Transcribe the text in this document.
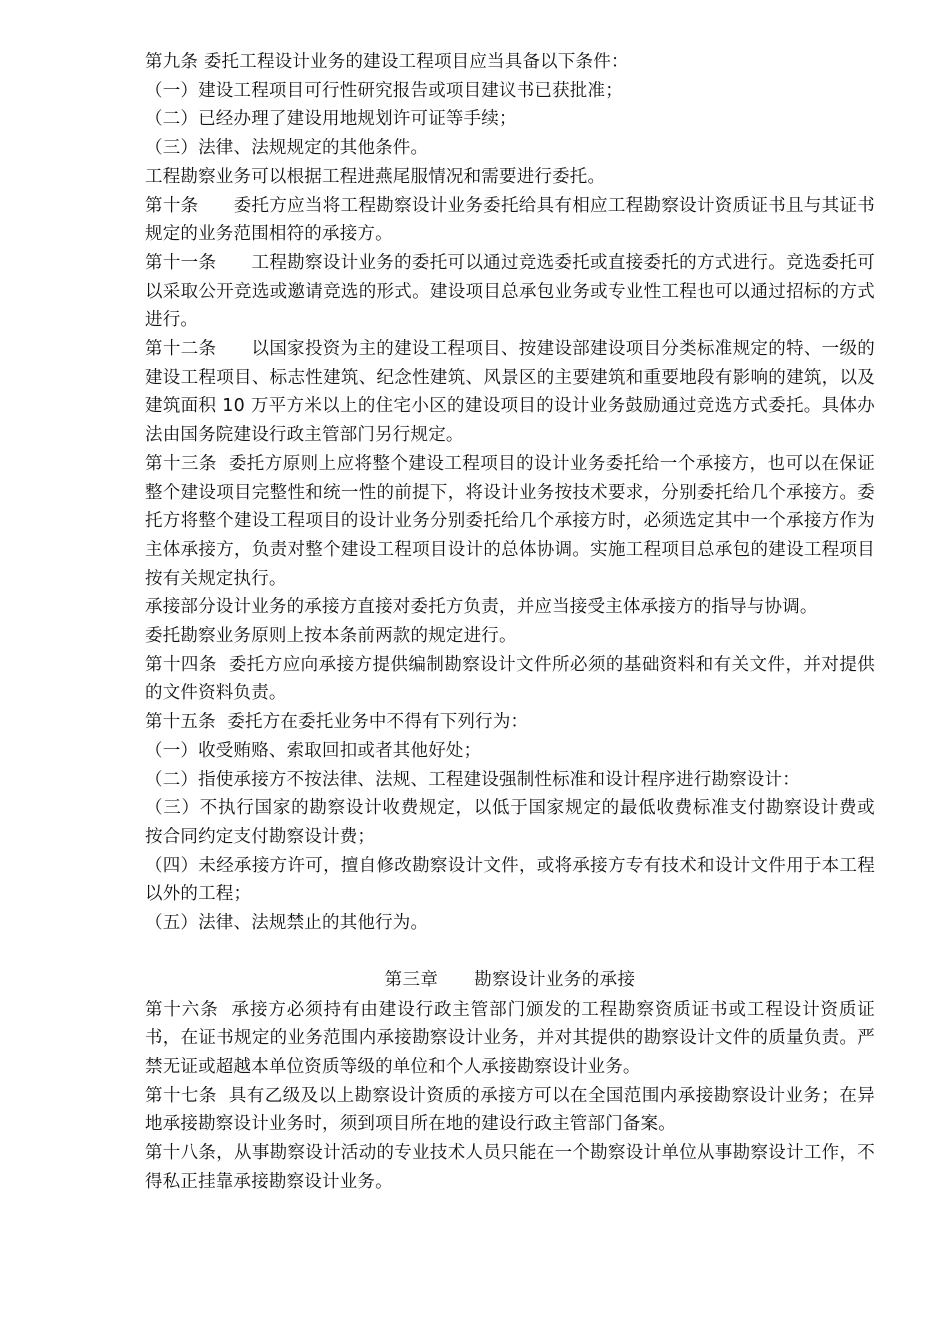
第九条 委托工程设计业务的建设工程项目应当具备以下条件：

（一）建设工程项目可行性研究报告或项目建议书已获批准；

（二）已经办理了建设用地规划许可证等手续；

（三）法律、法规规定的其他条件。

工程勘察业务可以根据工程进燕尾服情况和需要进行委托。

第十条      委托方应当将工程勘察设计业务委托给具有相应工程勘察设计资质证书且与其证书规定的业务范围相符的承接方。

第十一条      工程勘察设计业务的委托可以通过竞选委托或直接委托的方式进行。竞选委托可以采取公开竞选或邀请竞选的形式。建设项目总承包业务或专业性工程也可以通过招标的方式进行。

第十二条      以国家投资为主的建设工程项目、按建设部建设项目分类标准规定的特、一级的建设工程项目、标志性建筑、纪念性建筑、风景区的主要建筑和重要地段有影响的建筑，以及建筑面积 10 万平方米以上的住宅小区的建设项目的设计业务鼓励通过竞选方式委托。具体办法由国务院建设行政主管部门另行规定。

第十三条  委托方原则上应将整个建设工程项目的设计业务委托给一个承接方，也可以在保证整个建设项目完整性和统一性的前提下，将设计业务按技术要求，分别委托给几个承接方。委托方将整个建设工程项目的设计业务分别委托给几个承接方时，必须选定其中一个承接方作为主体承接方，负责对整个建设工程项目设计的总体协调。实施工程项目总承包的建设工程项目按有关规定执行。

承接部分设计业务的承接方直接对委托方负责，并应当接受主体承接方的指导与协调。

委托勘察业务原则上按本条前两款的规定进行。

第十四条  委托方应向承接方提供编制勘察设计文件所必须的基础资料和有关文件，并对提供的文件资料负责。

第十五条  委托方在委托业务中不得有下列行为：

（一）收受贿赂、索取回扣或者其他好处；

（二）指使承接方不按法律、法规、工程建设强制性标准和设计程序进行勘察设计：

（三）不执行国家的勘察设计收费规定，以低于国家规定的最低收费标准支付勘察设计费或 按合同约定支付勘察设计费；

（四）未经承接方许可，擅自修改勘察设计文件，或将承接方专有技术和设计文件用于本工程以外的工程；

（五）法律、法规禁止的其他行为。

第三章 勘察设计业务的承接

第十六条  承接方必须持有由建设行政主管部门颁发的工程勘察资质证书或工程设计资质证书，在证书规定的业务范围内承接勘察设计业务，并对其提供的勘察设计文件的质量负责。严禁无证或超越本单位资质等级的单位和个人承接勘察设计业务。

第十七条  具有乙级及以上勘察设计资质的承接方可以在全国范围内承接勘察设计业务；在异地承接勘察设计业务时，须到项目所在地的建设行政主管部门备案。

第十八条，从事勘察设计活动的专业技术人员只能在一个勘察设计单位从事勘察设计工作，不得私正挂靠承接勘察设计业务。
